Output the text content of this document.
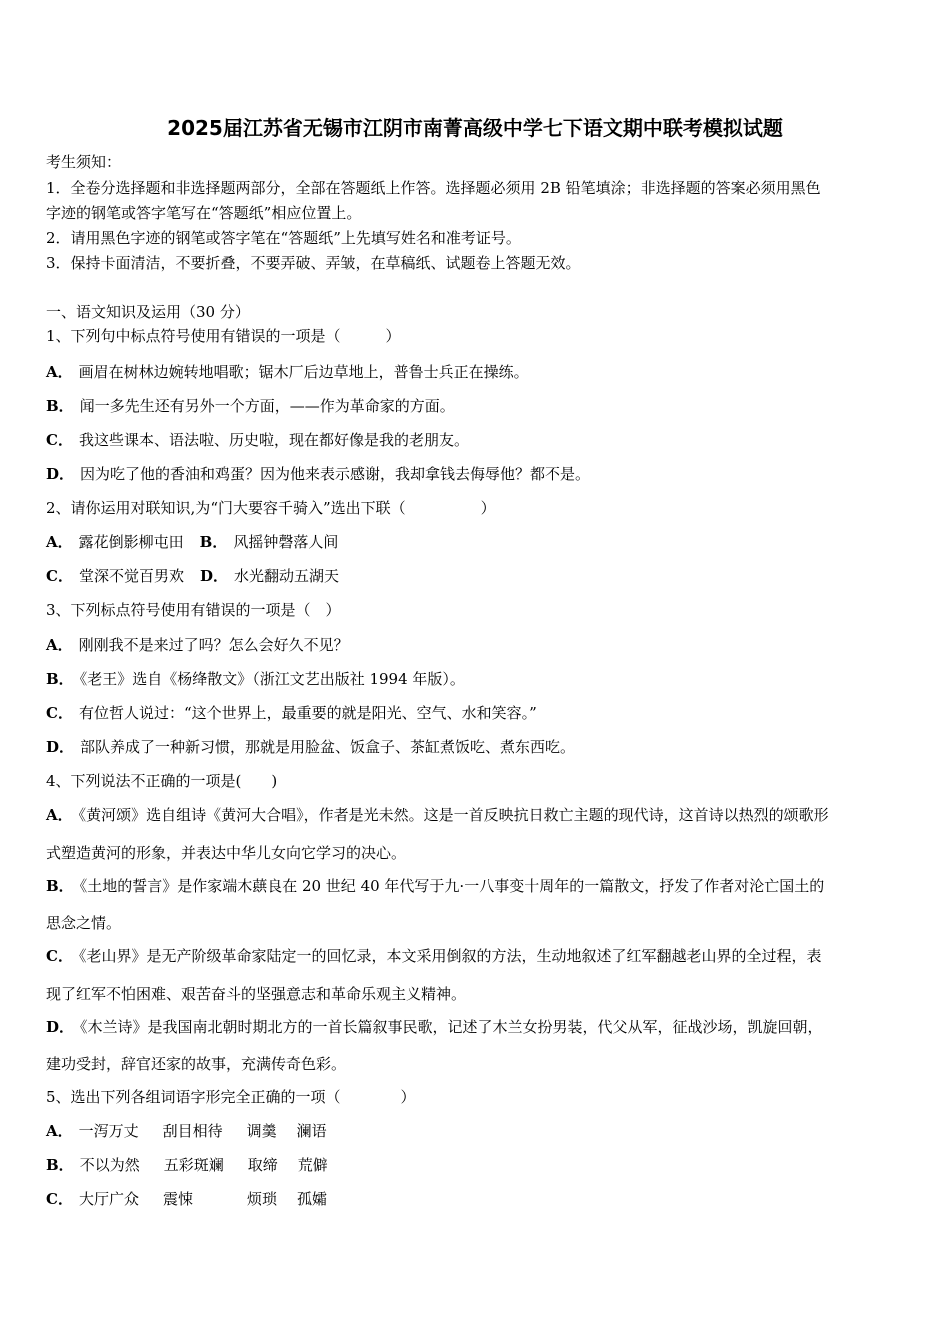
2025届江苏省无锡市江阴市南菁高级中学七下语文期中联考模拟试题
考生须知：
1．全卷分选择题和非选择题两部分，全部在答题纸上作答。选择题必须用 2B 铅笔填涂；非选择题的答案必须用黑色
字迹的钢笔或答字笔写在“答题纸”相应位置上。
2．请用黑色字迹的钢笔或答字笔在“答题纸”上先填写姓名和准考证号。
3．保持卡面清洁，不要折叠，不要弄破、弄皱，在草稿纸、试题卷上答题无效。
一、语文知识及运用（30 分）
1、下列句中标点符号使用有错误的一项是（　　　）
A． 画眉在树林边婉转地唱歌；锯木厂后边草地上，普鲁士兵正在操练。
B． 闻一多先生还有另外一个方面，——作为革命家的方面。
C． 我这些课本、语法啦、历史啦，现在都好像是我的老朋友。
D． 因为吃了他的香油和鸡蛋？因为他来表示感谢，我却拿钱去侮辱他？都不是。
2、请你运用对联知识,为“门大要容千骑入”选出下联（　　　　　）
A． 露花倒影柳屯田 B． 风摇钟磬落人间
C． 堂深不觉百男欢 D． 水光翻动五湖天
3、下列标点符号使用有错误的一项是（　）
A． 刚刚我不是来过了吗？怎么会好久不见？
B． 《老王》选自《杨绛散文》（浙江文艺出版社 1994 年版）。
C． 有位哲人说过：“这个世界上，最重要的就是阳光、空气、水和笑容。”
D． 部队养成了一种新习惯，那就是用脸盆、饭盒子、茶缸煮饭吃、煮东西吃。
4、下列说法不正确的一项是(　　)
A． 《黄河颂》选自组诗《黄河大合唱》，作者是光未然。这是一首反映抗日救亡主题的现代诗，这首诗以热烈的颂歌形
式塑造黄河的形象，并表达中华儿女向它学习的决心。
B． 《土地的誓言》是作家端木蕻良在 20 世纪 40 年代写于九·一八事变十周年的一篇散文，抒发了作者对沦亡国土的
思念之情。
C． 《老山界》是无产阶级革命家陆定一的回忆录，本文采用倒叙的方法，生动地叙述了红军翻越老山界的全过程，表
现了红军不怕困难、艰苦奋斗的坚强意志和革命乐观主义精神。
D． 《木兰诗》是我国南北朝时期北方的一首长篇叙事民歌，记述了木兰女扮男装，代父从军，征战沙场，凯旋回朝，
建功受封，辞官还家的故事，充满传奇色彩。
5、选出下列各组词语字形完全正确的一项（　　　　）
A． 一泻万丈 刮目相待 调羹 澜语
B． 不以为然 五彩斑斓 取缔 荒僻
C． 大厅广众 震悚	烦琐 孤孀
